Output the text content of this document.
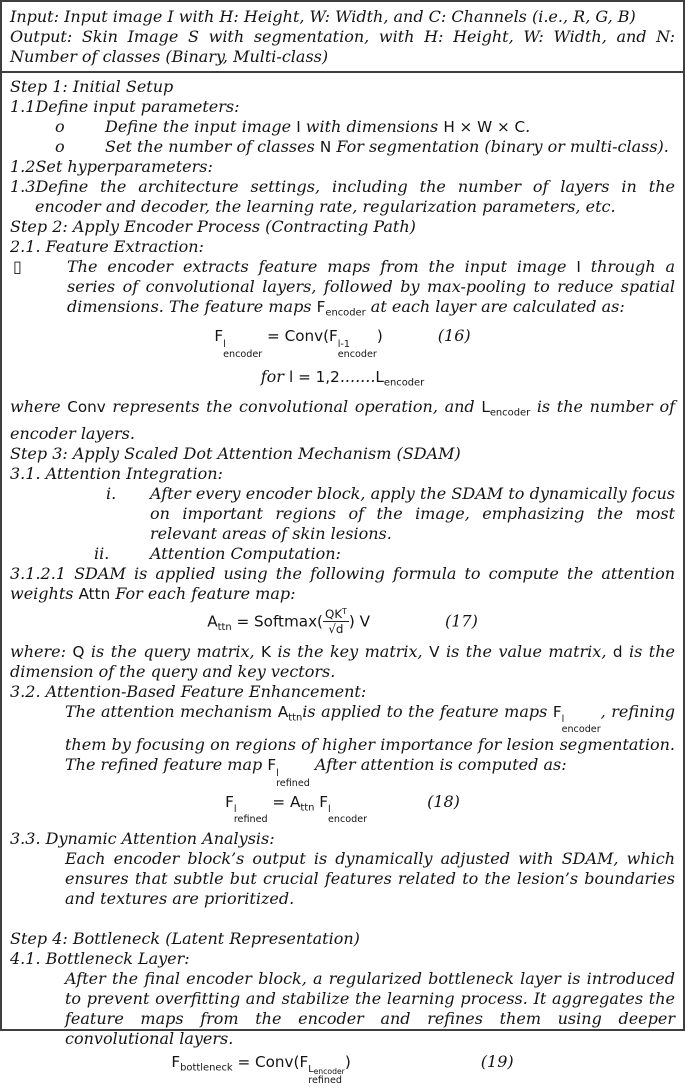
Input: Input image I with H: Height, W: Width, and C: Channels (i.e., R, G, B)
Output: Skin Image S with segmentation, with H: Height, W: Width, and N: Number of classes (Binary, Multi-class)
Step 1: Initial Setup
1.1Define input parameters:
o	Define the input image I with dimensions H × W × C.
o	Set the number of classes N For segmentation (binary or multi-class).
1.2Set hyperparameters:
1.3Define the architecture settings, including the number of layers in the encoder and decoder, the learning rate, regularization parameters, etc.
Step 2: Apply Encoder Process (Contracting Path)
2.1. Feature Extraction:
▯	The encoder extracts feature maps from the input image I through a series of convolutional layers, followed by max-pooling to reduce spatial dimensions. The feature maps $F_{encoder}$ at each layer are calculated as:
F l
encoder
= Conv(F l-1
encoder
)	(16)
for $l = 1,2.......L_{encoder}$
where Conv represents the convolutional operation, and $L_{encoder}$ is the number of encoder layers.
Step 3: Apply Scaled Dot Attention Mechanism (SDAM)
3.1. Attention Integration:
i. After every encoder block, apply the SDAM to dynamically focus on important regions of the image, emphasizing the most relevant areas of skin lesions.
ii.	Attention Computation:
3.1.2.1 SDAM is applied using the following formula to compute the attention weights Attn For each feature map:
$A_{ttn}$ = Softmax( $\frac{QK^T}{√d}$ ) V	(17)
where: Q is the query matrix, K is the key matrix, V is the value matrix, d is the dimension of the query and key vectors.
3.2. Attention-Based Feature Enhancement:
The attention mechanism $A_{ttn}is$ applied to the feature maps F l
encoder
, refining them by focusing on regions of higher importance for lesion segmentation. The refined feature map F l
refined
After attention is computed as:
F l
refined
= $A_{ttn}$ F l
encoder
(18)
3.3. Dynamic Attention Analysis:
Each encoder block’s output is dynamically adjusted with SDAM, which ensures that subtle but crucial features related to the lesion’s boundaries and textures are prioritized.
Step 4: Bottleneck (Latent Representation)
4.1. Bottleneck Layer:
After the final encoder block, a regularized bottleneck layer is introduced to prevent overfitting and stabilize the learning process. It aggregates the feature maps from the encoder and refines them using deeper convolutional layers.
$F_{bottleneck}$ = Conv(F $L_{encoder}$
refined
)	(19)
